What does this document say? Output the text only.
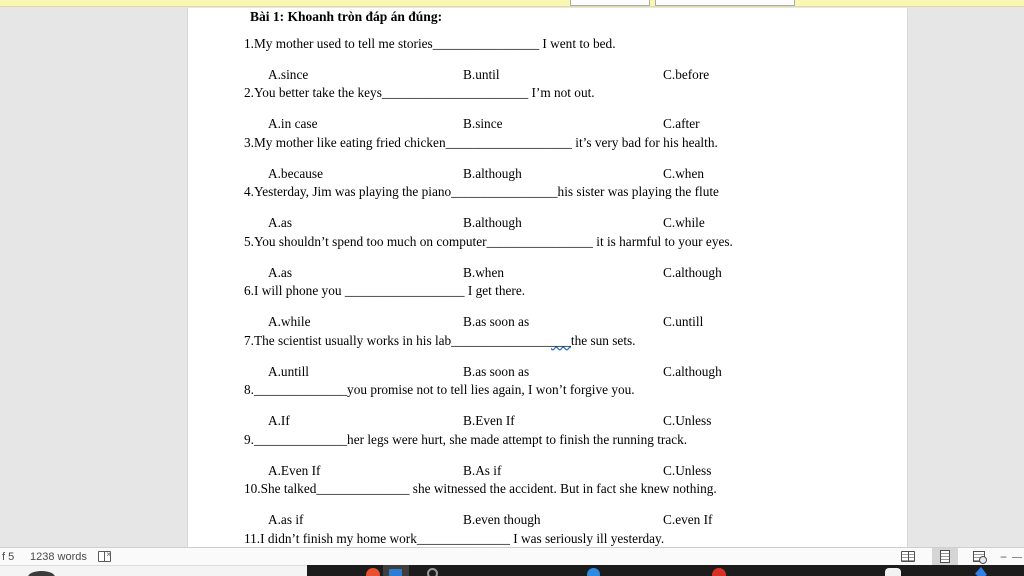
Bài 1: Khoanh tròn đáp án đúng:
1.My mother used to tell me stories________________ I went to bed.
A.since	B.until	C.before
2.You better take the keys______________________ I’m not out.
A.in case	B.since	C.after
3.My mother like eating fried chicken___________________ it’s very bad for his health.
A.because	B.although	C.when
4.Yesterday, Jim was playing the piano________________his sister was playing the flute
A.as	B.although	C.while
5.You shouldn’t spend too much on computer________________ it is harmful to your eyes.
A.as	B.when	C.although
6.I will phone you __________________ I get there.
A.while	B.as soon as	C.untill
7.The scientist usually works in his lab__________________the sun sets.
A.untill	B.as soon as	C.although
8.______________you promise not to tell lies again, I won’t forgive you.
A.If	B.Even If	C.Unless
9.______________her legs were hurt, she made attempt to finish the running track.
A.Even If	B.As if	C.Unless
10.She talked______________ she witnessed the accident. But in fact she knew nothing.
A.as if	B.even though	C.even If
11.I didn’t finish my home work______________ I was seriously ill yesterday.
f 5 1238 words ×	−
